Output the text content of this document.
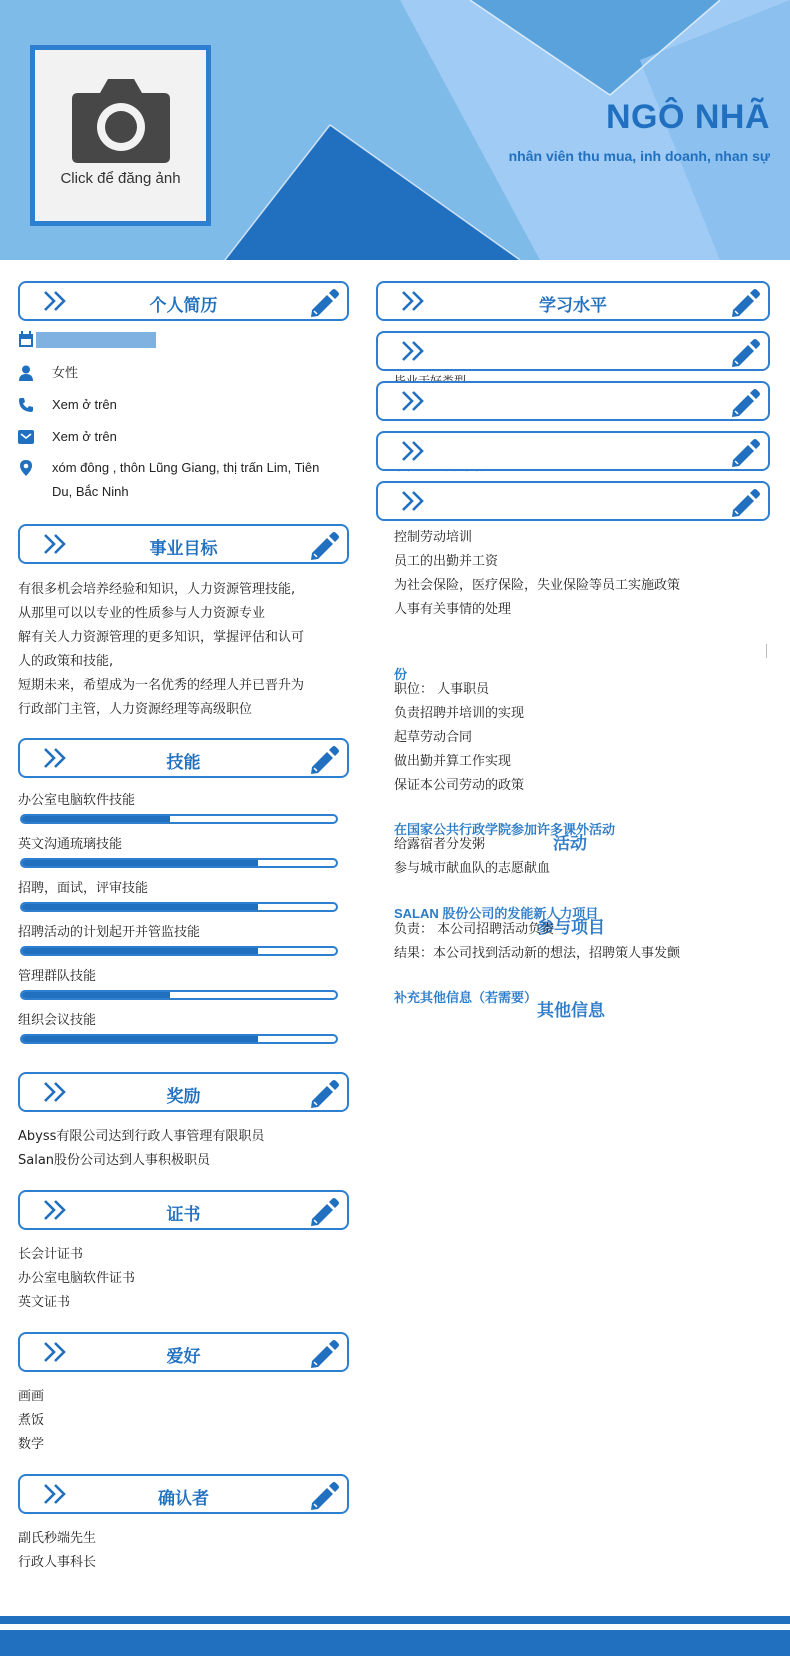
Click để đăng ảnh
NGÔ NHÃ
nhân viên thu mua, inh doanh, nhan sự
个人简历
女性
Xem ở trên
Xem ở trên
xóm đông , thôn Lũng Giang, thị trấn Lim, Tiên Du, Bắc Ninh
事业目标
有很多机会培养经验和知识，人力资源管理技能,
从那里可以以专业的性质参与人力资源专业
解有关人力资源管理的更多知识，掌握评估和认可
人的政策和技能,
短期未来，希望成为一名优秀的经理人并已晋升为
行政部门主管，人力资源经理等高级职位
技能
办公室电脑软件技能
英文沟通琉璃技能
招聘，面试，评审技能
招聘活动的计划起开并管监技能
管理群队技能
组织会议技能
奖励
Abyss有限公司达到行政人事管理有限职员
Salan股份公司达到人事积极职员
证书
长会计证书
办公室电脑软件证书
英文证书
爱好
画画
煮饭
数学
确认者
副氏秒端先生
行政人事科长
学习水平
控制劳动培训
员工的出勤并工资
为社会保险，医疗保险，失业保险等员工实施政策
人事有关事情的处理
份
职位： 人事职员
负责招聘并培训的实现
起草劳动合同
做出勤并算工作实现
保证本公司劳动的政策
活动
在国家公共行政学院参加许多课外活动
给露宿者分发粥
参与城市献血队的志愿献血
参与项目
SALAN 股份公司的发能新人力项目
负责： 本公司招聘活动负责
结果：本公司找到活动新的想法，招聘策人事发颤
其他信息
补充其他信息（若需要）
